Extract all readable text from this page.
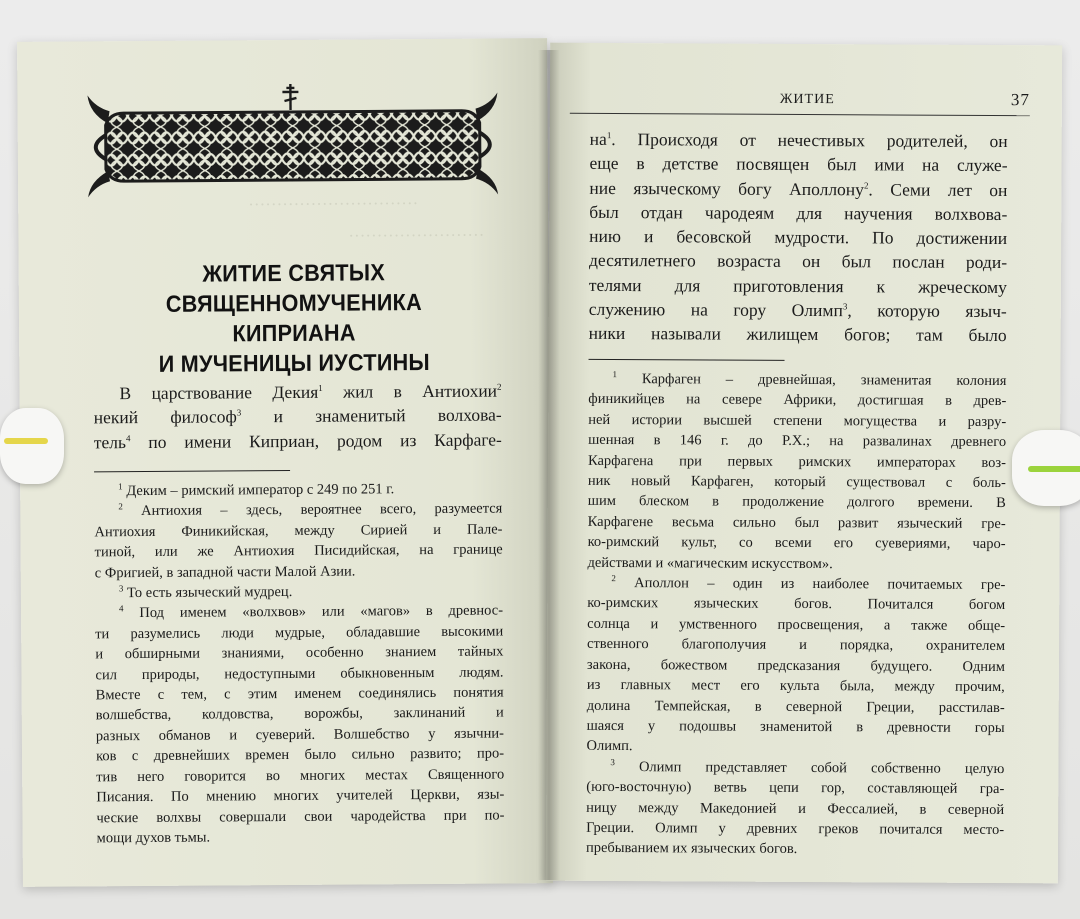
…………………………
……………………
ЖИТИЕ СВЯТЫХ
СВЯЩЕННОМУЧЕНИКА
КИПРИАНА
И МУЧЕНИЦЫ ИУСТИНЫ
В царствование Декия$^1$ жил в Антиохии$^2$
некий философ$^3$ и знаменитый волхова-
тель$^4$ по имени Киприан, родом из Карфаге-
$^1$ Деким – римский император с 249 по 251 г.
$^2$ Антиохия – здесь, вероятнее всего, разумеется
Антиохия Финикийская, между Сирией и Пале-
тиной, или же Антиохия Писидийская, на границе
с Фригией, в западной части Малой Азии.
$^3$ То есть языческий мудрец.
$^4$ Под именем «волхвов» или «магов» в древнос-
ти разумелись люди мудрые, обладавшие высокими
и обширными знаниями, особенно знанием тайных
сил природы, недоступными обыкновенным людям.
Вместе с тем, с этим именем соединялись понятия
волшебства, колдовства, ворожбы, заклинаний и
разных обманов и суеверий. Волшебство у язычни-
ков с древнейших времен было сильно развито; про-
тив него говорится во многих местах Священного
Писания. По мнению многих учителей Церкви, язы-
ческие волхвы совершали свои чародейства при по-
мощи духов тьмы.
ЖИТИЕ	37
$на^1$. Происходя от нечестивых родителей, он
еще в детстве посвящен был ими на служе-
ние языческому богу Аполлону$^2$. Семи лет он
был отдан чародеям для научения волхвова-
нию и бесовской мудрости. По достижении
десятилетнего возраста он был послан роди-
телями для приготовления к жреческому
служению на гору Олимп$^3$, которую языч-
ники называли жилищем богов; там было
$^1$ Карфаген – древнейшая, знаменитая колония
финикийцев на севере Африки, достигшая в древ-
ней истории высшей степени могущества и разру-
шенная в 146 г. до Р.Х.; на развалинах древнего
Карфагена при первых римских императорах воз-
ник новый Карфаген, который существовал с боль-
шим блеском в продолжение долгого времени. В
Карфагене весьма сильно был развит языческий гре-
ко-римский культ, со всеми его суевериями, чаро-
действами и «магическим искусством».
$^2$ Аполлон – один из наиболее почитаемых гре-
ко-римских языческих богов. Почитался богом
солнца и умственного просвещения, а также обще-
ственного благополучия и порядка, охранителем
закона, божеством предсказания будущего. Одним
из главных мест его культа была, между прочим,
долина Темпейская, в северной Греции, расстилав-
шаяся у подошвы знаменитой в древности горы
Олимп.
$^3$ Олимп представляет собой собственно целую
(юго-восточную) ветвь цепи гор, составляющей гра-
ницу между Македонией и Фессалией, в северной
Греции. Олимп у древних греков почитался место-
пребыванием их языческих богов.
